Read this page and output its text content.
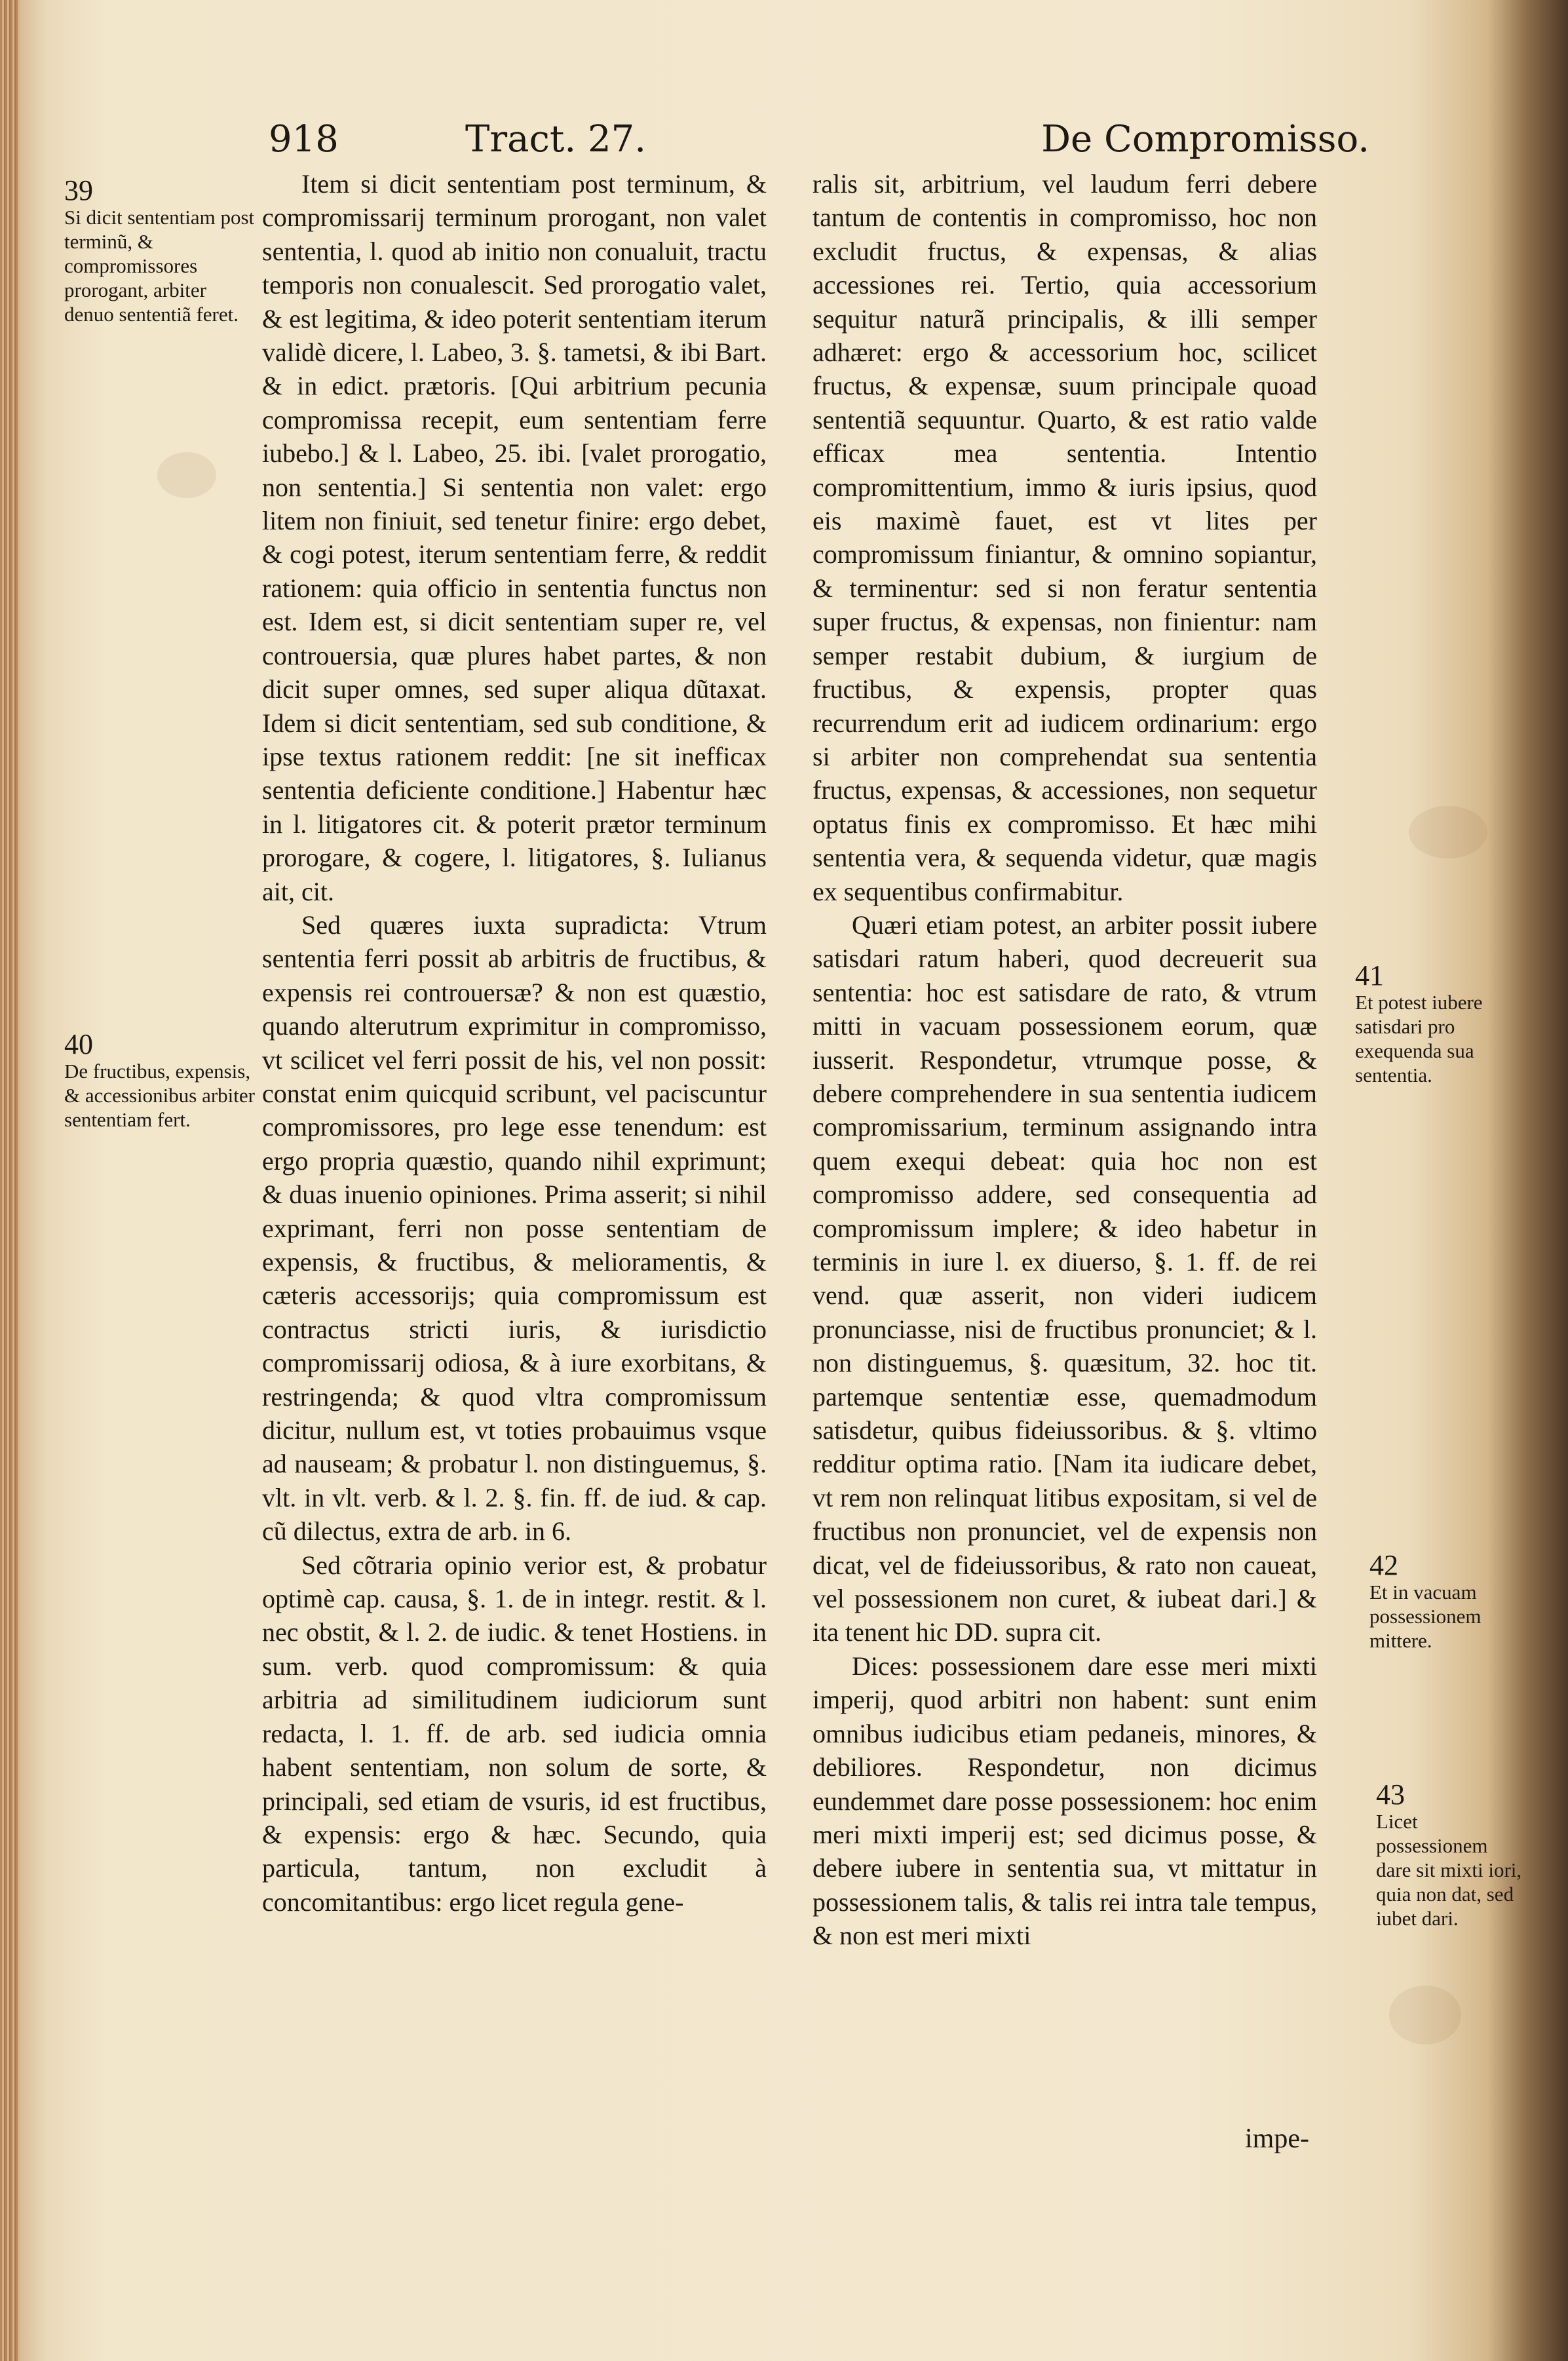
918	Tract. 27.	De Compromisso.
39
Si dicit sententiam post terminũ, & compromissores prorogant, arbiter denuo sententiã feret.
40
De fructibus, expensis, & accessionibus arbiter sententiam fert.
41
Et potest iubere satisdari pro exequenda sua sententia.
42
Et in vacuam possessionem mittere.
43
Licet possessionem dare sit mixti iori, quia non dat, sed iubet dari.

Item si dicit sententiam post terminum, & compromissarij terminum prorogant, non valet sententia, l. quod ab initio non conualuit, tractu temporis non conualescit. Sed prorogatio valet, & est legitima, & ideo poterit sententiam iterum validè dicere, l. Labeo, 3. §. tametsi, & ibi Bart. & in edict. prætoris. [Qui arbitrium pecunia compromissa recepit, eum sententiam ferre iubebo.] & l. Labeo, 25. ibi. [valet prorogatio, non sententia.] Si sententia non valet: ergo litem non finiuit, sed tenetur finire: ergo debet, & cogi potest, iterum sententiam ferre, & reddit rationem: quia officio in sententia functus non est. Idem est, si dicit sententiam super re, vel controuersia, quæ plures habet partes, & non dicit super omnes, sed super aliqua dũtaxat. Idem si dicit sententiam, sed sub conditione, & ipse textus rationem reddit: [ne sit inefficax sententia deficiente conditione.] Habentur hæc in l. litigatores cit. & poterit prætor terminum prorogare, & cogere, l. litigatores, §. Iulianus ait, cit.

Sed quæres iuxta supradicta: Vtrum sententia ferri possit ab arbitris de fructibus, & expensis rei controuersæ? & non est quæstio, quando alterutrum exprimitur in compromisso, vt scilicet vel ferri possit de his, vel non possit: constat enim quicquid scribunt, vel paciscuntur compromissores, pro lege esse tenendum: est ergo propria quæstio, quando nihil exprimunt; & duas inuenio opiniones. Prima asserit; si nihil exprimant, ferri non posse sententiam de expensis, & fructibus, & melioramentis, & cæteris accessorijs; quia compromissum est contractus stricti iuris, & iurisdictio compromissarij odiosa, & à iure exorbitans, & restringenda; & quod vltra compromissum dicitur, nullum est, vt toties probauimus vsque ad nauseam; & probatur l. non distinguemus, §. vlt. in vlt. verb. & l. 2. §. fin. ff. de iud. & cap. cũ dilectus, extra de arb. in 6.

Sed cõtraria opinio verior est, & probatur optimè cap. causa, §. 1. de in integr. restit. & l. nec obstit, & l. 2. de iudic. & tenet Hostiens. in sum. verb. quod compromissum: & quia arbitria ad similitudinem iudiciorum sunt redacta, l. 1. ff. de arb. sed iudicia omnia habent sententiam, non solum de sorte, & principali, sed etiam de vsuris, id est fructibus, & expensis: ergo & hæc. Secundo, quia particula, tantum, non excludit à concomitantibus: ergo licet regula gene-

ralis sit, arbitrium, vel laudum ferri debere tantum de contentis in compromisso, hoc non excludit fructus, & expensas, & alias accessiones rei. Tertio, quia accessorium sequitur naturã principalis, & illi semper adhæret: ergo & accessorium hoc, scilicet fructus, & expensæ, suum principale quoad sententiã sequuntur. Quarto, & est ratio valde efficax mea sententia. Intentio compromittentium, immo & iuris ipsius, quod eis maximè fauet, est vt lites per compromissum finiantur, & omnino sopiantur, & terminentur: sed si non feratur sententia super fructus, & expensas, non finientur: nam semper restabit dubium, & iurgium de fructibus, & expensis, propter quas recurrendum erit ad iudicem ordinarium: ergo si arbiter non comprehendat sua sententia fructus, expensas, & accessiones, non sequetur optatus finis ex compromisso. Et hæc mihi sententia vera, & sequenda videtur, quæ magis ex sequentibus confirmabitur.

Quæri etiam potest, an arbiter possit iubere satisdari ratum haberi, quod decreuerit sua sententia: hoc est satisdare de rato, & vtrum mitti in vacuam possessionem eorum, quæ iusserit. Respondetur, vtrumque posse, & debere comprehendere in sua sententia iudicem compromissarium, terminum assignando intra quem exequi debeat: quia hoc non est compromisso addere, sed consequentia ad compromissum implere; & ideo habetur in terminis in iure l. ex diuerso, §. 1. ff. de rei vend. quæ asserit, non videri iudicem pronunciasse, nisi de fructibus pronunciet; & l. non distinguemus, §. quæsitum, 32. hoc tit. partemque sententiæ esse, quemadmodum satisdetur, quibus fideiussoribus. & §. vltimo redditur optima ratio. [Nam ita iudicare debet, vt rem non relinquat litibus expositam, si vel de fructibus non pronunciet, vel de expensis non dicat, vel de fideiussoribus, & rato non caueat, vel possessionem non curet, & iubeat dari.] & ita tenent hic DD. supra cit.

Dices: possessionem dare esse meri mixti imperij, quod arbitri non habent: sunt enim omnibus iudicibus etiam pedaneis, minores, & debiliores. Respondetur, non dicimus eundemmet dare posse possessionem: hoc enim meri mixti imperij est; sed dicimus posse, & debere iubere in sententia sua, vt mittatur in possessionem talis, & talis rei intra tale tempus, & non est meri mixti

impe-
